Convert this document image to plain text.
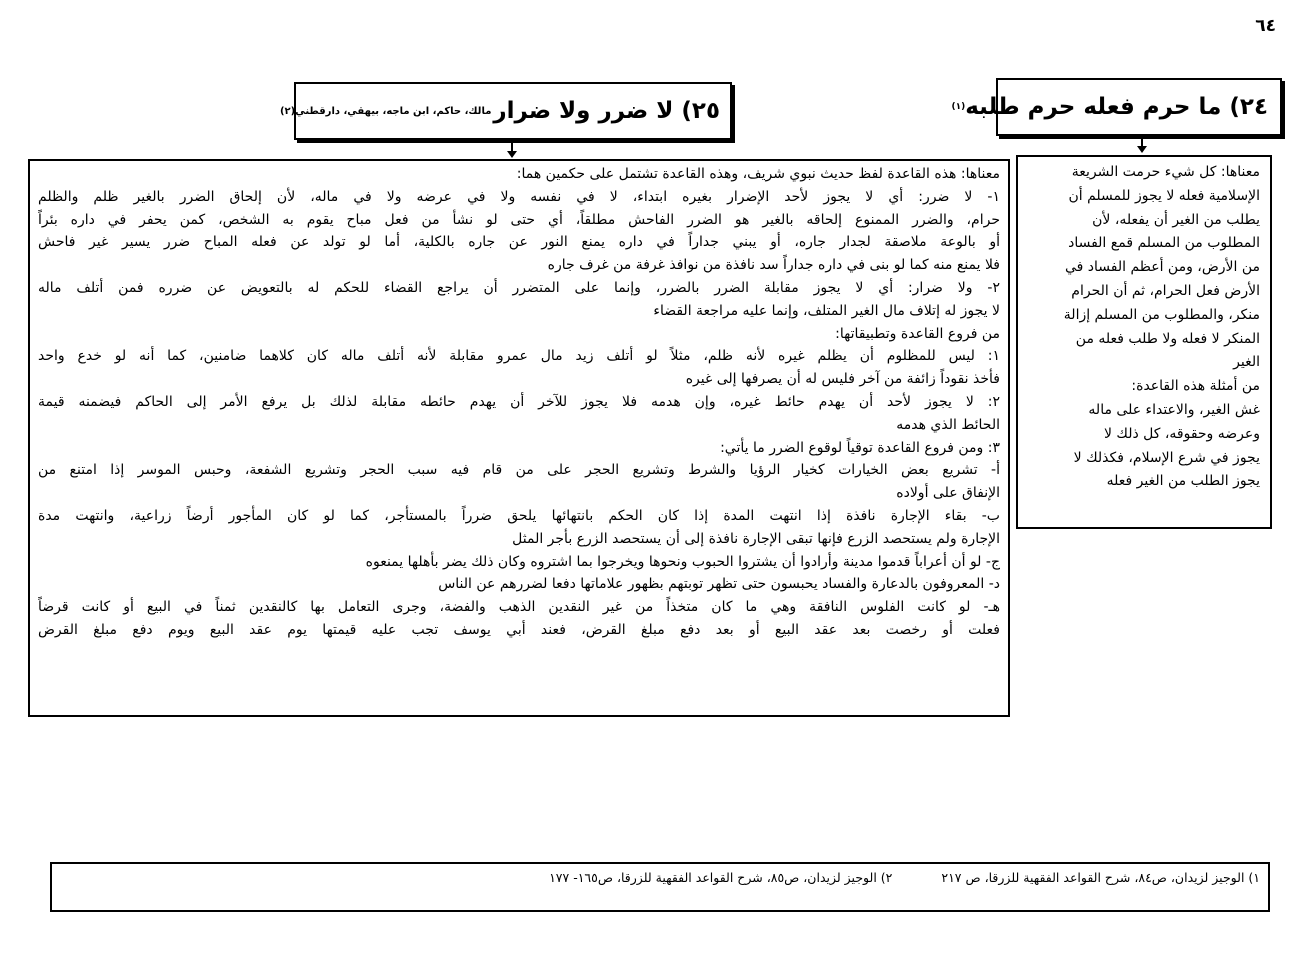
٦٤
٢٤) ما حرم فعله حرم طلبه
(١)
٢٥) لا ضرر ولا ضرار
مالك، حاكم، ابن ماجه، بيهقي، دارقطني(٢)
معناها: كل شيء حرمت الشريعة
الإسلامية فعله لا يجوز للمسلم أن
يطلب من الغير أن يفعله، لأن
المطلوب من المسلم قمع الفساد
من الأرض، ومن أعظم الفساد في
الأرض فعل الحرام، ثم أن الحرام
منكر، والمطلوب من المسلم إزالة
المنكر لا فعله ولا طلب فعله من
الغير
من أمثلة هذه القاعدة:
غش الغير، والاعتداء على ماله
وعرضه وحقوقه، كل ذلك لا
يجوز في شرع الإسلام، فكذلك لا
يجوز الطلب من الغير فعله
معناها: هذه القاعدة لفظ حديث نبوي شريف، وهذه القاعدة تشتمل على حكمين هما:
١- لا ضرر: أي لا يجوز لأحد الإضرار بغيره ابتداء، لا في نفسه ولا في عرضه ولا في ماله، لأن إلحاق الضرر بالغير ظلم والظلم
حرام، والضرر الممنوع إلحاقه بالغير هو الضرر الفاحش مطلقاً، أي حتى لو نشأ من فعل مباح يقوم به الشخص، كمن يحفر في داره بئراً
أو بالوعة ملاصقة لجدار جاره، أو يبني جداراً في داره يمنع النور عن جاره بالكلية، أما لو تولد عن فعله المباح ضرر يسير غير فاحش
فلا يمنع منه كما لو بنى في داره جداراً سد نافذة من نوافذ غرفة من غرف جاره
٢- ولا ضرار: أي لا يجوز مقابلة الضرر بالضرر، وإنما على المتضرر أن يراجع القضاء للحكم له بالتعويض عن ضرره فمن أتلف ماله
لا يجوز له إتلاف مال الغير المتلف، وإنما عليه مراجعة القضاء
من فروع القاعدة وتطبيقاتها:
١: ليس للمظلوم أن يظلم غيره لأنه ظلم، مثلاً لو أتلف زيد مال عمرو مقابلة لأنه أتلف ماله كان كلاهما ضامنين، كما أنه لو خدع واحد
فأخذ نقوداً زائفة من آخر فليس له أن يصرفها إلى غيره
٢: لا يجوز لأحد أن يهدم حائط غيره، وإن هدمه فلا يجوز للآخر أن يهدم حائطه مقابلة لذلك بل يرفع الأمر إلى الحاكم فيضمنه قيمة
الحائط الذي هدمه
٣: ومن فروع القاعدة توقياً لوقوع الضرر ما يأتي:
أ- تشريع بعض الخيارات كخيار الرؤيا والشرط وتشريع الحجر على من قام فيه سبب الحجر وتشريع الشفعة، وحبس الموسر إذا امتنع من
الإنفاق على أولاده
ب- بقاء الإجارة نافذة إذا انتهت المدة إذا كان الحكم بانتهائها يلحق ضرراً بالمستأجر، كما لو كان المأجور أرضاً زراعية، وانتهت مدة
الإجارة ولم يستحصد الزرع فإنها تبقى الإجارة نافذة إلى أن يستحصد الزرع بأجر المثل
ج- لو أن أعراباً قدموا مدينة وأرادوا أن يشتروا الحبوب ونحوها ويخرجوا بما اشتروه وكان ذلك يضر بأهلها يمنعوه
د- المعروفون بالدعارة والفساد يحبسون حتى تظهر توبتهم بظهور علاماتها دفعا لضررهم عن الناس
هـ- لو كانت الفلوس النافقة وهي ما كان متخذاً من غير النقدين الذهب والفضة، وجرى التعامل بها كالنقدين ثمناً في البيع أو كانت قرضاً
فعلت أو رخصت بعد عقد البيع أو بعد دفع مبلغ القرض، فعند أبي يوسف تجب عليه قيمتها يوم عقد البيع ويوم دفع مبلغ القرض
١) الوجيز لزيدان، ص٨٤، شرح القواعد الفقهية للزرقا، ص ٢١٧ ٢) الوجيز لزيدان، ص٨٥، شرح القواعد الفقهية للزرقا، ص١٦٥- ١٧٧
